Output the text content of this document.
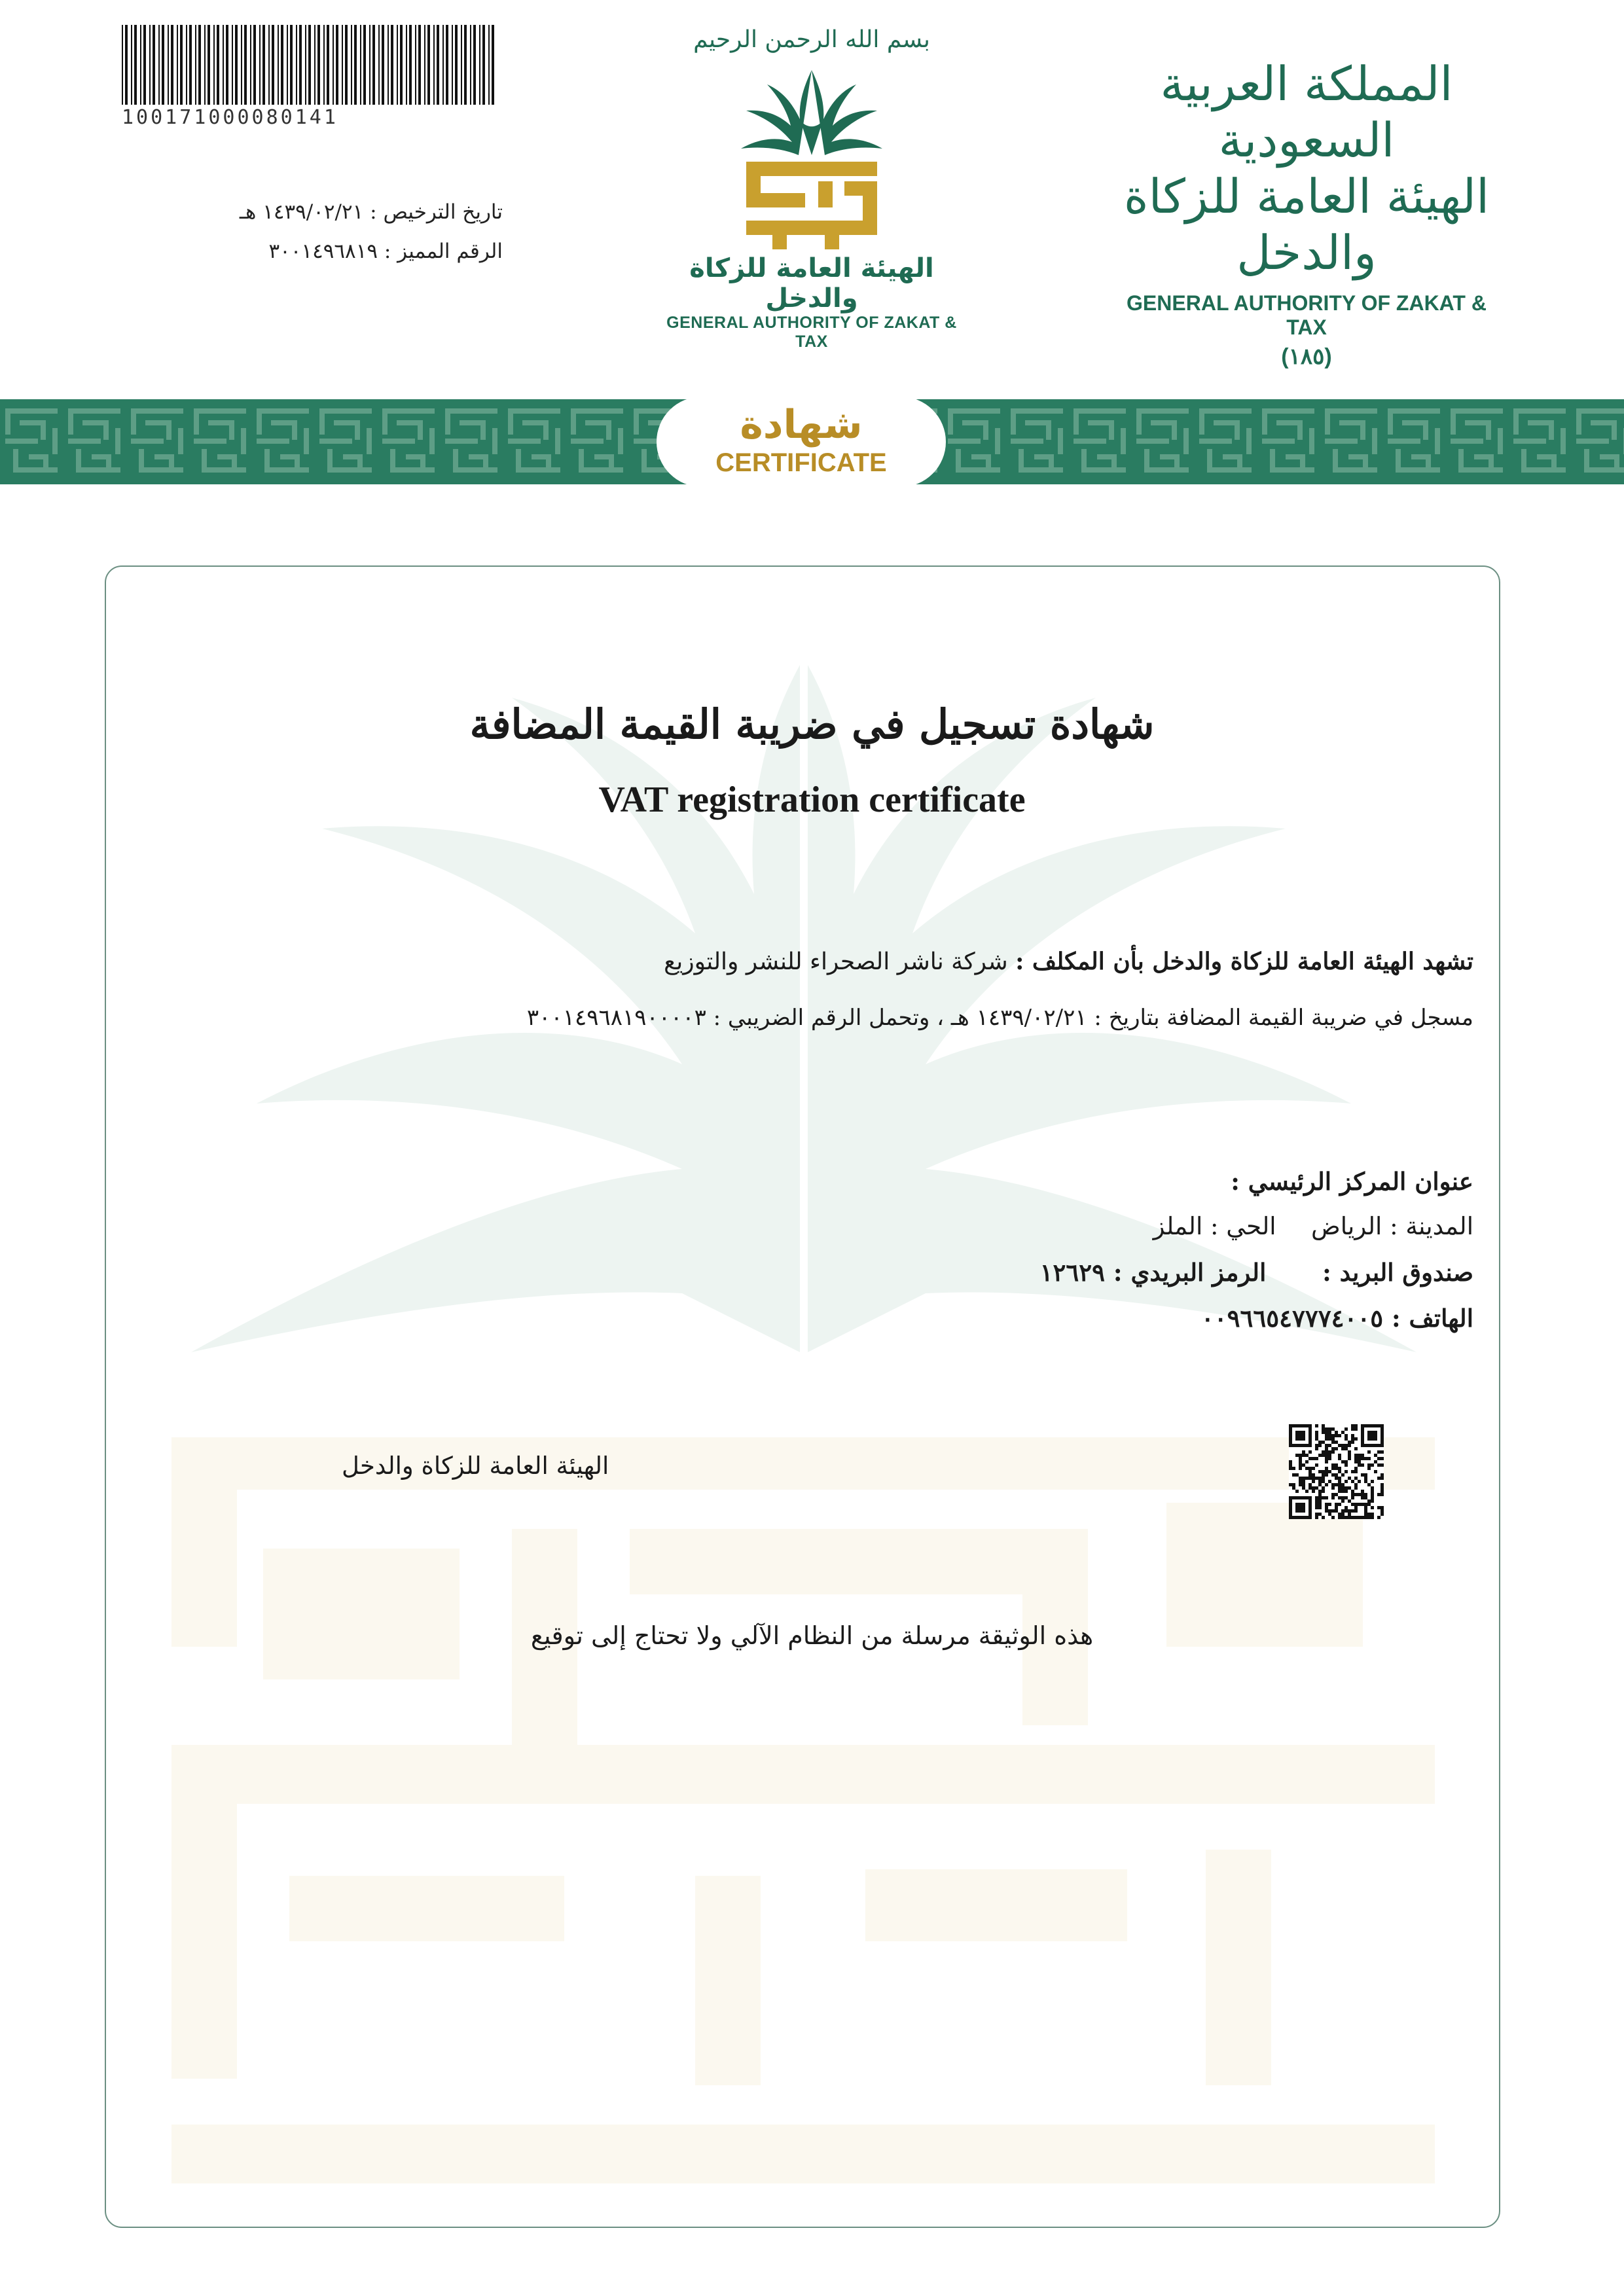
100171000080141
تاريخ الترخيص : ١٤٣٩/٠٢/٢١ هـ
الرقم المميز : ٣٠٠١٤٩٦٨١٩
بسم الله الرحمن الرحيم
الهيئة العامة للزكاة والدخل
GENERAL AUTHORITY OF ZAKAT & TAX
المملكة العربية السعودية
الهيئة العامة للزكاة والدخل
GENERAL AUTHORITY OF ZAKAT & TAX
(١٨٥)
شهادة
CERTIFICATE
شهادة تسجيل في ضريبة القيمة المضافة
VAT registration certificate
تشهد الهيئة العامة للزكاة والدخل بأن المكلف : شركة ناشر الصحراء للنشر والتوزيع
مسجل في ضريبة القيمة المضافة بتاريخ : ١٤٣٩/٠٢/٢١ هـ ، وتحمل الرقم الضريبي : ٣٠٠١٤٩٦٨١٩٠٠٠٠٣
عنوان المركز الرئيسي :
المدينة : الرياض  الحي : الملز
صندوق البريد :  الرمز البريدي : ١٢٦٢٩
الهاتف : ٠٠٩٦٦٥٤٧٧٧٤٠٠٥
الهيئة العامة للزكاة والدخل
هذه الوثيقة مرسلة من النظام الآلي ولا تحتاج إلى توقيع
